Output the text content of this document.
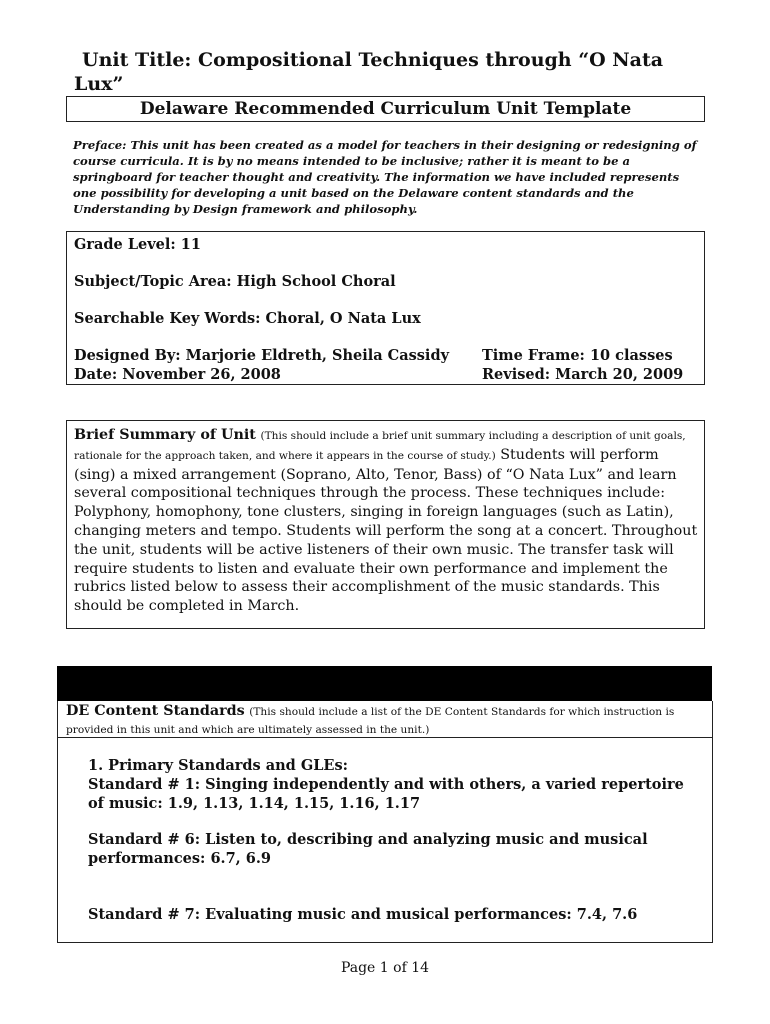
Unit Title: Compositional Techniques through “O Nata
Lux”
Delaware Recommended Curriculum Unit Template
Preface: This unit has been created as a model for teachers in their designing or redesigning of course curricula. It is by no means intended to be inclusive; rather it is meant to be a springboard for teacher thought and creativity. The information we have included represents one possibility for developing a unit based on the Delaware content standards and the Understanding by Design framework and philosophy.
Grade Level: 11
Subject/Topic Area: High School Choral
Searchable Key Words: Choral, O Nata Lux
Designed By: Marjorie Eldreth, Sheila Cassidy
Date: November 26, 2008
Time Frame: 10 classes
Revised: March 20, 2009
Brief Summary of Unit (This should include a brief unit summary including a description of unit goals, rationale for the approach taken, and where it appears in the course of study.) Students will perform (sing) a mixed arrangement (Soprano, Alto, Tenor, Bass) of “O Nata Lux” and learn several compositional techniques through the process. These techniques include: Polyphony, homophony, tone clusters, singing in foreign languages (such as Latin), changing meters and tempo. Students will perform the song at a concert. Throughout the unit, students will be active listeners of their own music. The transfer task will require students to listen and evaluate their own performance and implement the rubrics listed below to assess their accomplishment of the music standards. This should be completed in March.
DE Content Standards (This should include a list of the DE Content Standards for which instruction is provided in this unit and which are ultimately assessed in the unit.)
1. Primary Standards and GLEs:
Standard # 1: Singing independently and with others, a varied repertoire of music: 1.9, 1.13, 1.14, 1.15, 1.16, 1.17
Standard # 6: Listen to, describing and analyzing music and musical performances: 6.7, 6.9
Standard # 7: Evaluating music and musical performances: 7.4, 7.6
Page 1 of 14
